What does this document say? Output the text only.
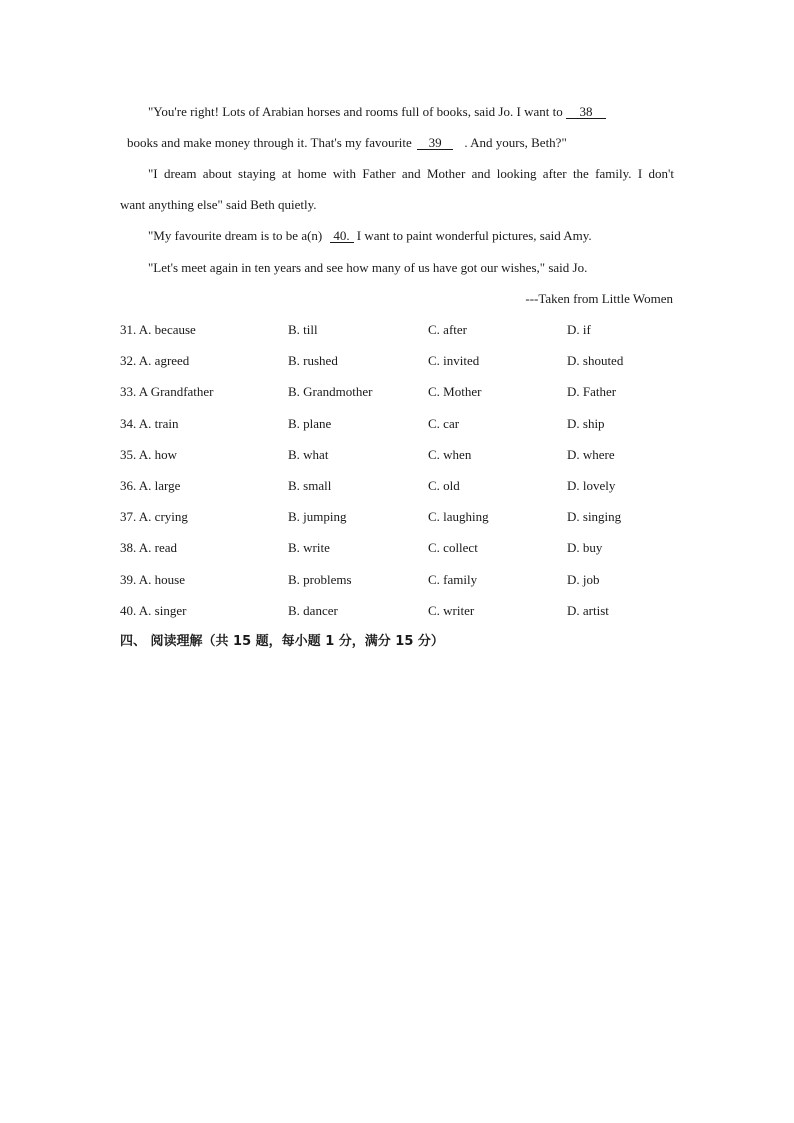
"You're right! Lots of Arabian horses and rooms full of books, said Jo. I want to 38
books and make money through it. That's my favourite 39 . And yours, Beth?"
"I dream about staying at home with Father and Mother and looking after the family. I don't
want anything else" said Beth quietly.
"My favourite dream is to be a(n) 40. I want to paint wonderful pictures, said Amy.
"Let's meet again in ten years and see how many of us have got our wishes," said Jo.
---Taken from Little Women
31. A. because	B. till	C. after	D. if
32. A. agreed	B. rushed	C. invited	D. shouted
33. A Grandfather	B. Grandmother	C. Mother	D. Father
34. A. train	B. plane	C. car	D. ship
35. A. how	B. what	C. when	D. where
36. A. large	B. small	C. old	D. lovely
37. A. crying	B. jumping	C. laughing	D. singing
38. A. read	B. write	C. collect	D. buy
39. A. house	B. problems	C. family	D. job
40. A. singer	B. dancer	C. writer	D. artist
四、 阅读理解（共 15 题，每小题 1 分，满分 15 分）
